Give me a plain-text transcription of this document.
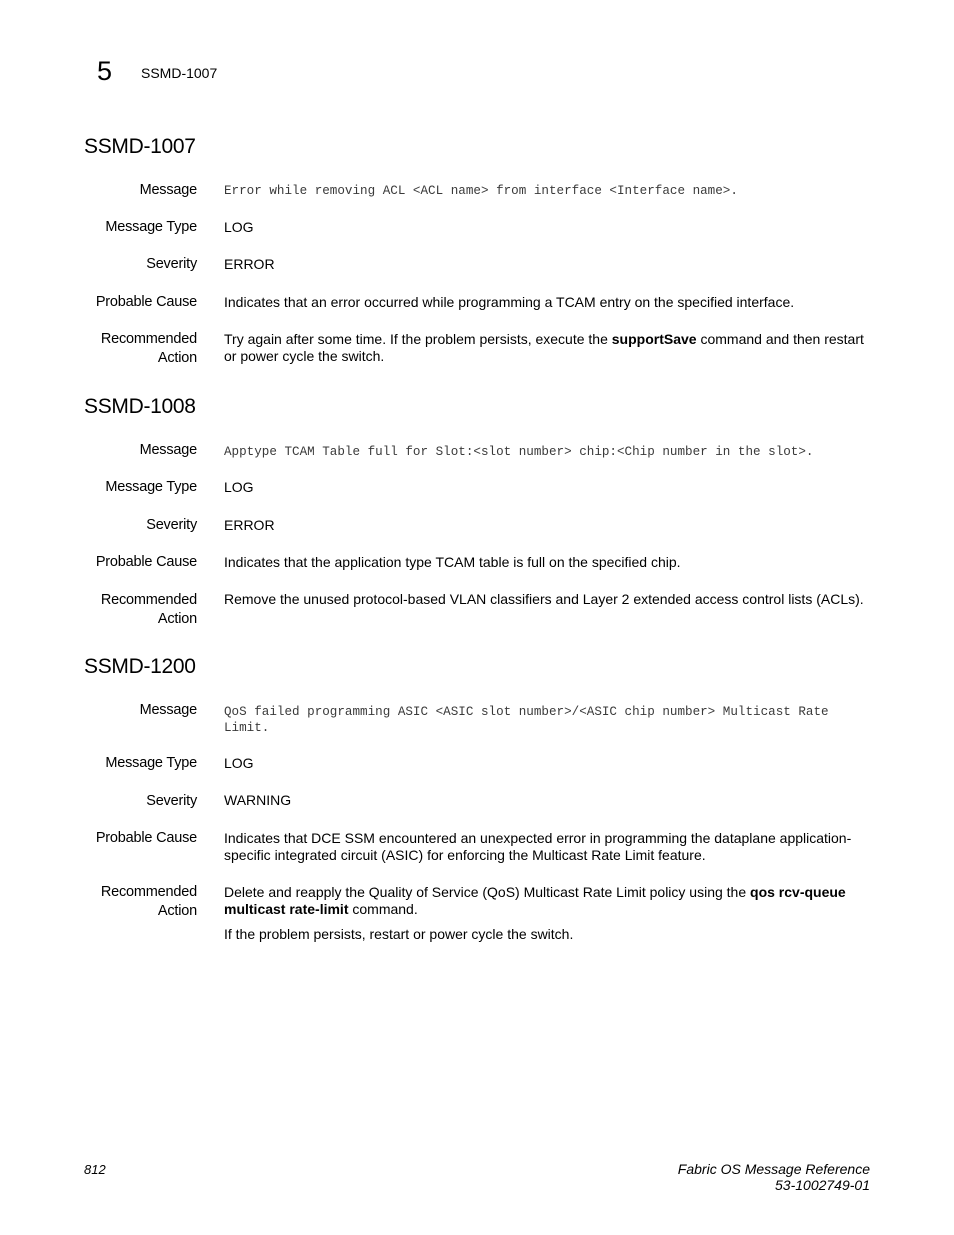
5 SSMD-1007
SSMD-1007
Message Error while removing ACL <ACL name> from interface <Interface name>.
Message Type LOG
Severity ERROR
Probable Cause Indicates that an error occurred while programming a TCAM entry on the specified interface.
Recommended
Action
Try again after some time. If the problem persists, execute the supportSave command and then restart or power cycle the switch.
SSMD-1008
Message Apptype TCAM Table full for Slot:<slot number> chip:<Chip number in the slot>.
Message Type LOG
Severity ERROR
Probable Cause Indicates that the application type TCAM table is full on the specified chip.
Recommended
Action
Remove the unused protocol-based VLAN classifiers and Layer 2 extended access control lists (ACLs).
SSMD-1200
Message QoS failed programming ASIC <ASIC slot number>/<ASIC chip number> Multicast Rate Limit.
Message Type LOG
Severity WARNING
Probable Cause Indicates that DCE SSM encountered an unexpected error in programming the dataplane application-specific integrated circuit (ASIC) for enforcing the Multicast Rate Limit feature.
Recommended
Action
Delete and reapply the Quality of Service (QoS) Multicast Rate Limit policy using the qos rcv-queue multicast rate-limit command.
If the problem persists, restart or power cycle the switch.
812	Fabric OS Message Reference
53-1002749-01
